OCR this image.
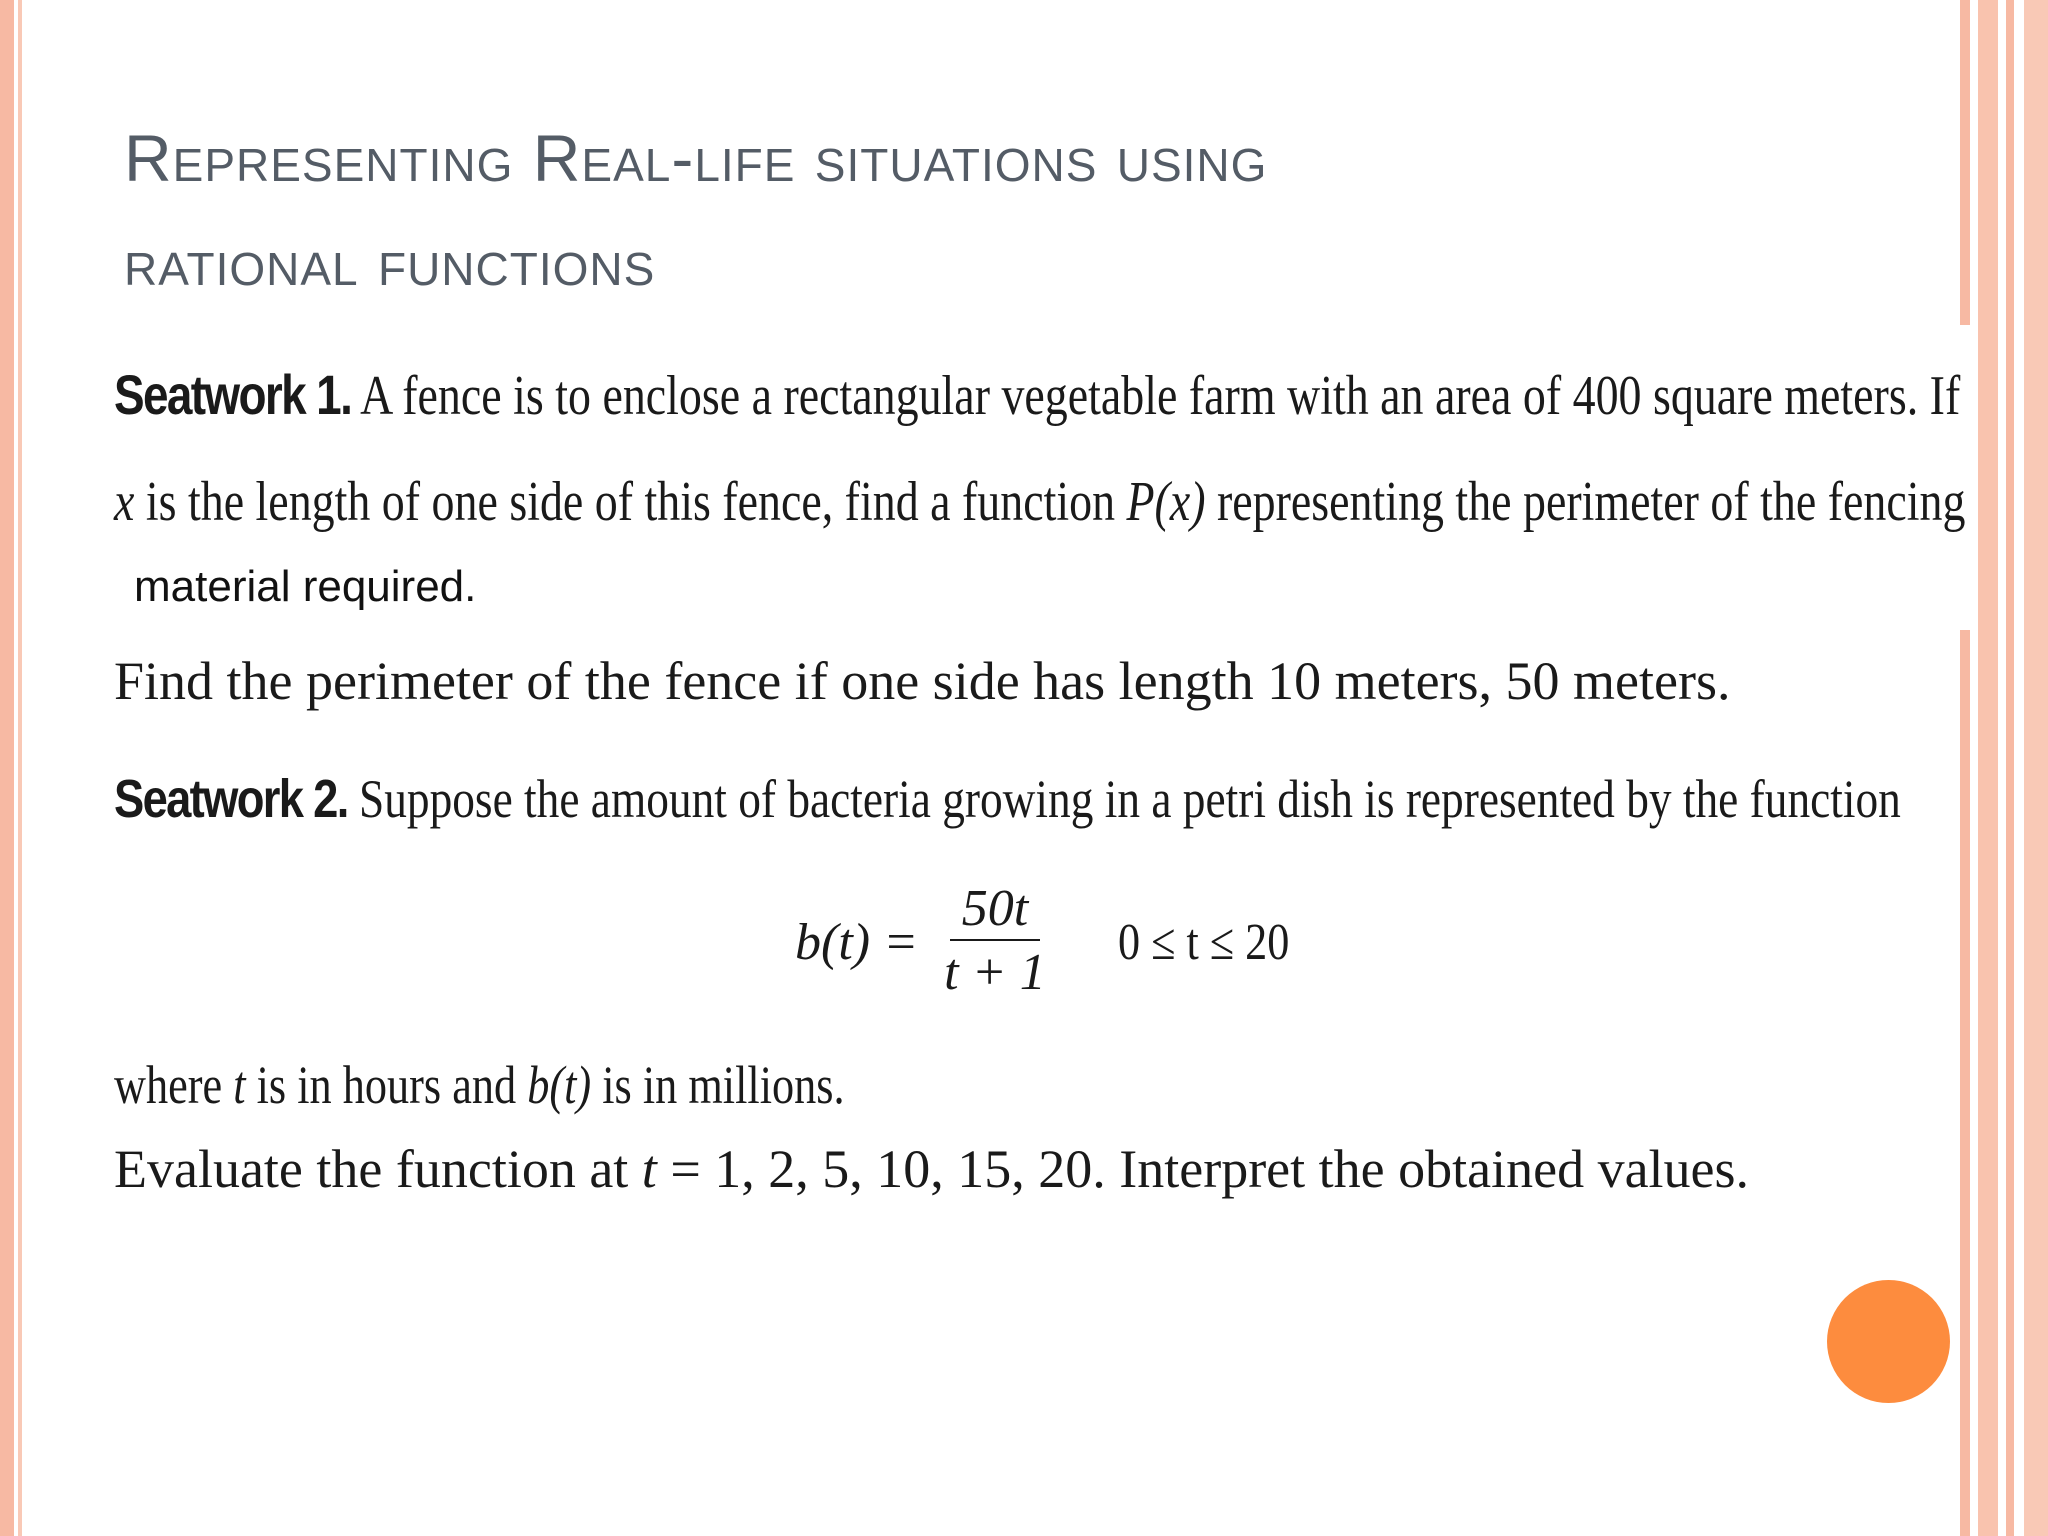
Representing Real-life situations using
rational functions

Seatwork 1. A fence is to enclose a rectangular vegetable farm with an area of 400 square meters. If

x is the length of one side of this fence, find a function P(x) representing the perimeter of the fencing

material required.

Find the perimeter of the fence if one side has length 10 meters, 50 meters.

Seatwork 2. Suppose the amount of bacteria growing in a petri dish is represented by the function

$b(t) = \frac{50t}{t + 1} 0 \le t \le 20$

where t is in hours and b(t) is in millions.

Evaluate the function at t = 1, 2, 5, 10, 15, 20. Interpret the obtained values.
